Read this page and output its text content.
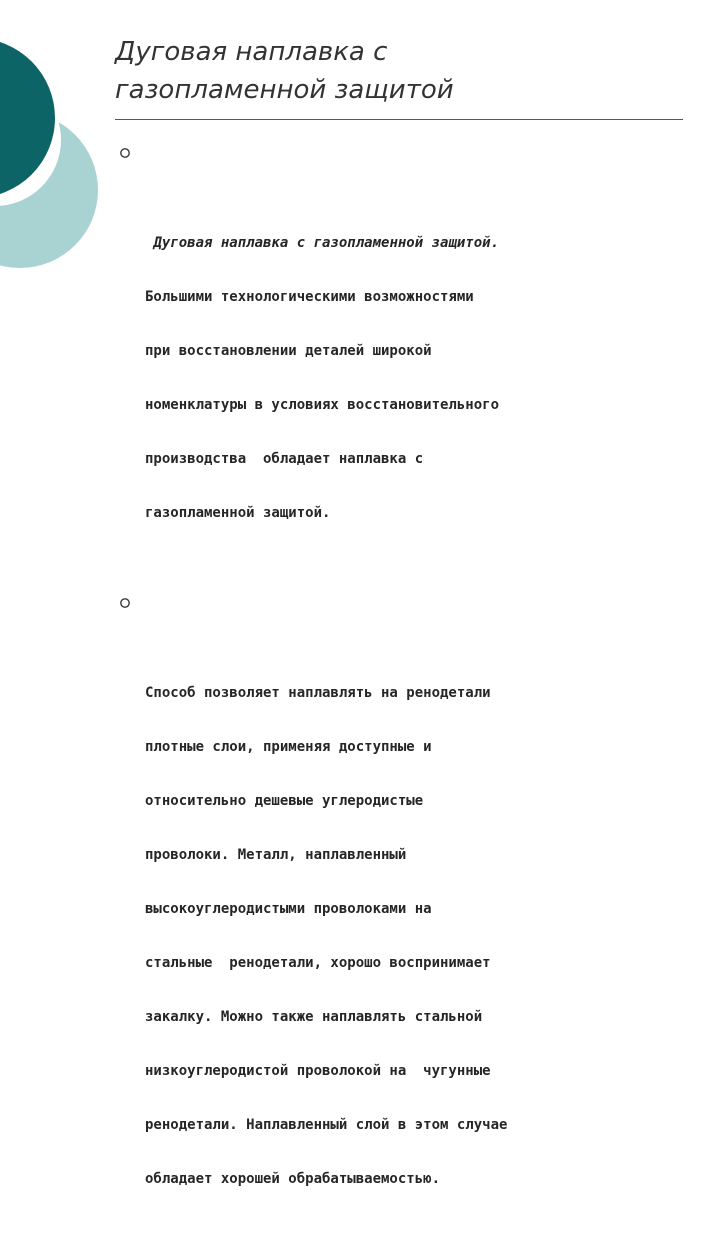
Дуговая наплавка с
газопламенной защитой

Дуговая наплавка с газопламенной защитой.

Большими технологическими возможностями

при восстановлении деталей широкой

номенклатуры в условиях восстановительного

производства  обладает наплавка с

газопламенной защитой.

Способ позволяет наплавлять на ренодетали

плотные слои, применяя доступные и

относительно дешевые углеродистые

проволоки. Металл, наплавленный

высокоуглеродистыми проволоками на

стальные  ренодетали, хорошо воспринимает

закалку. Можно также наплавлять стальной

низкоуглеродистой проволокой на  чугунные

ренодетали. Наплавленный слой в этом случае

обладает хорошей обрабатываемостью.
